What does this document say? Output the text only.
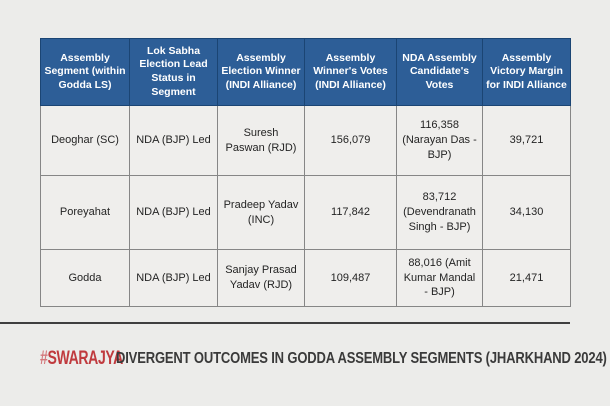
Assembly Segment (within Godda LS)	Lok Sabha Election Lead Status in Segment	Assembly Election Winner (INDI Alliance)	Assembly Winner's Votes (INDI Alliance)	NDA Assembly Candidate's Votes	Assembly Victory Margin for INDI Alliance
Deoghar (SC)	NDA (BJP) Led	Suresh Paswan (RJD)	156,079	116,358 (Narayan Das - BJP)	39,721
Poreyahat	NDA (BJP) Led	Pradeep Yadav (INC)	117,842	83,712 (Devendranath Singh - BJP)	34,130
Godda	NDA (BJP) Led	Sanjay Prasad Yadav (RJD)	109,487	88,016 (Amit Kumar Mandal - BJP)	21,471
#SWARAJYA
DIVERGENT OUTCOMES IN GODDA ASSEMBLY SEGMENTS (JHARKHAND 2024)
